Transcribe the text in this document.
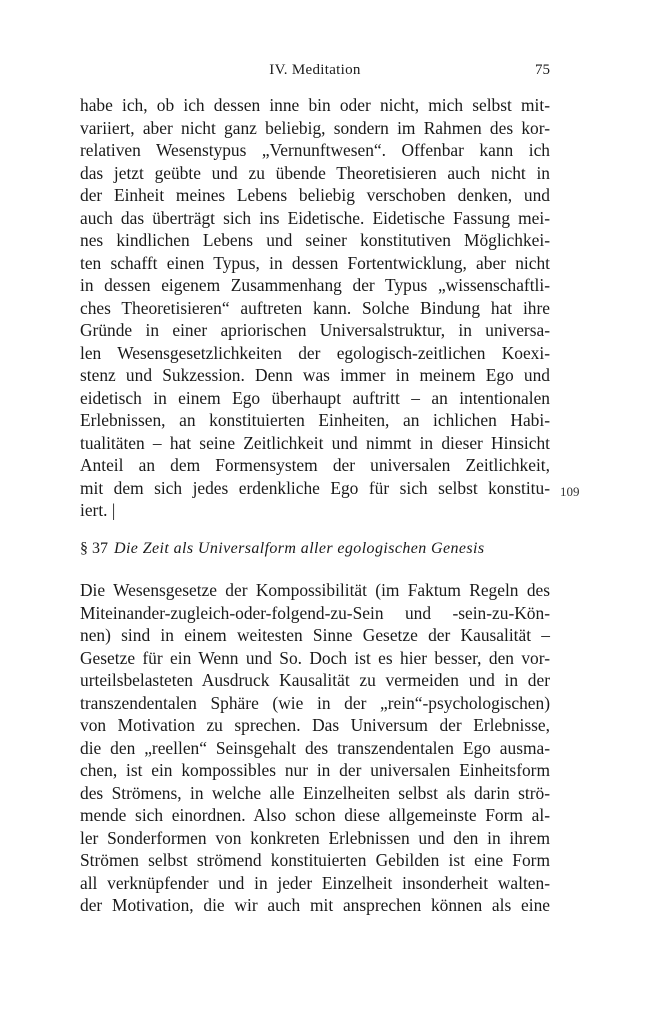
IV. Meditation	75
habe ich, ob ich dessen inne bin oder nicht, mich selbst mit-
variiert, aber nicht ganz beliebig, sondern im Rahmen des kor-
relativen Wesenstypus „Vernunftwesen“. Offenbar kann ich
das jetzt geübte und zu übende Theoretisieren auch nicht in
der Einheit meines Lebens beliebig verschoben denken, und
auch das überträgt sich ins Eidetische. Eidetische Fassung mei-
nes kindlichen Lebens und seiner konstitutiven Möglichkei-
ten schafft einen Typus, in dessen Fortentwicklung, aber nicht
in dessen eigenem Zusammenhang der Typus „wissenschaftli-
ches Theoretisieren“ auftreten kann. Solche Bindung hat ihre
Gründe in einer apriorischen Universalstruktur, in universa-
len Wesensgesetzlichkeiten der egologisch-zeitlichen Koexi-
stenz und Sukzession. Denn was immer in meinem Ego und
eidetisch in einem Ego überhaupt auftritt – an intentionalen
Erlebnissen, an konstituierten Einheiten, an ichlichen Habi-
tualitäten – hat seine Zeitlichkeit und nimmt in dieser Hinsicht
Anteil an dem Formensystem der universalen Zeitlichkeit,
mit dem sich jedes erdenkliche Ego für sich selbst konstitu-
iert. |
109
§ 37 Die Zeit als Universalform aller egologischen Genesis
Die Wesensgesetze der Kompossibilität (im Faktum Regeln des
Miteinander-zugleich-oder-folgend-zu-Sein und -sein-zu-Kön-
nen) sind in einem weitesten Sinne Gesetze der Kausalität –
Gesetze für ein Wenn und So. Doch ist es hier besser, den vor-
urteilsbelasteten Ausdruck Kausalität zu vermeiden und in der
transzendentalen Sphäre (wie in der „rein“-psychologischen)
von Motivation zu sprechen. Das Universum der Erlebnisse,
die den „reellen“ Seinsgehalt des transzendentalen Ego ausma-
chen, ist ein kompossibles nur in der universalen Einheitsform
des Strömens, in welche alle Einzelheiten selbst als darin strö-
mende sich einordnen. Also schon diese allgemeinste Form al-
ler Sonderformen von konkreten Erlebnissen und den in ihrem
Strömen selbst strömend konstituierten Gebilden ist eine Form
all verknüpfender und in jeder Einzelheit insonderheit walten-
der Motivation, die wir auch mit ansprechen können als eine
